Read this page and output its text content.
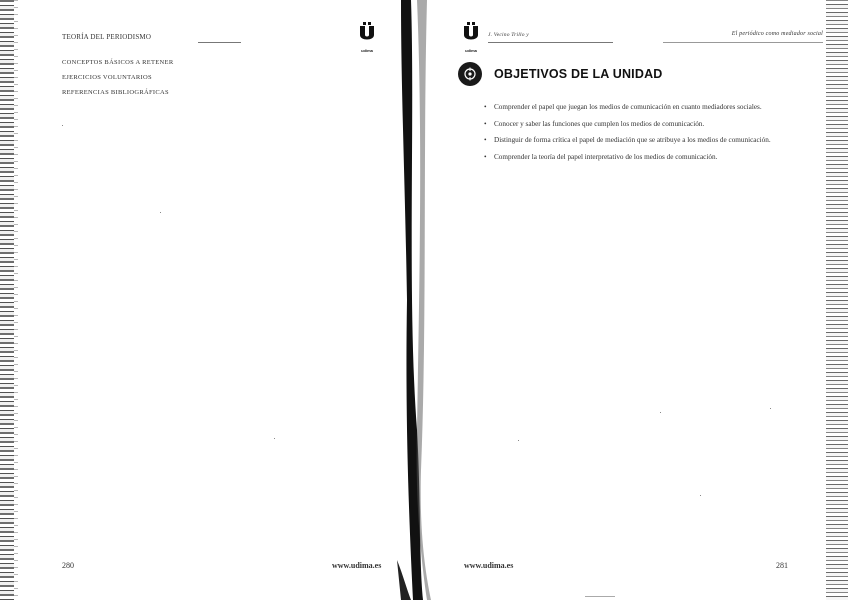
TEORÍA DEL PERIODISMO
udima
CONCEPTOS BÁSICOS A RETENER
EJERCICIOS VOLUNTARIOS
REFERENCIAS BIBLIOGRÁFICAS
280	www.udima.es
udima
J. Vecino Trillo y	El periódico como mediador social
OBJETIVOS DE LA UNIDAD
• Comprender el papel que juegan los medios de comunicación en cuanto mediadores sociales.
• Conocer y saber las funciones que cumplen los medios de comunicación.
• Distinguir de forma crítica el papel de mediación que se atribuye a los medios de comunicación.
• Comprender la teoría del papel interpretativo de los medios de comunicación.
www.udima.es	281
